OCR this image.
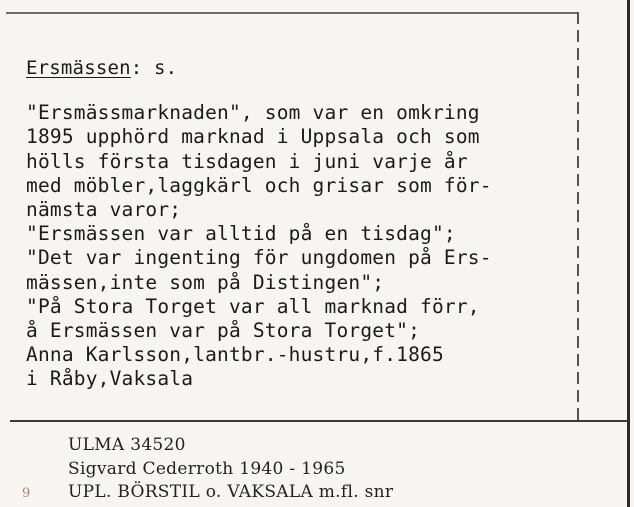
Ersmässen: s.
"Ersmässmarknaden", som var en omkring
1895 upphörd marknad i Uppsala och som
hölls första tisdagen i juni varje år
med möbler,laggkärl och grisar som för-
nämsta varor;
"Ersmässen var alltid på en tisdag";
"Det var ingenting för ungdomen på Ers-
mässen,inte som på Distingen";
"På Stora Torget var all marknad förr,
å Ersmässen var på Stora Torget";
Anna Karlsson,lantbr.-hustru,f.1865
i Råby,Vaksala
ULMA 34520
Sigvard Cederroth 1940 - 1965
UPL. BÖRSTIL o. VAKSALA m.fl. snr
9
